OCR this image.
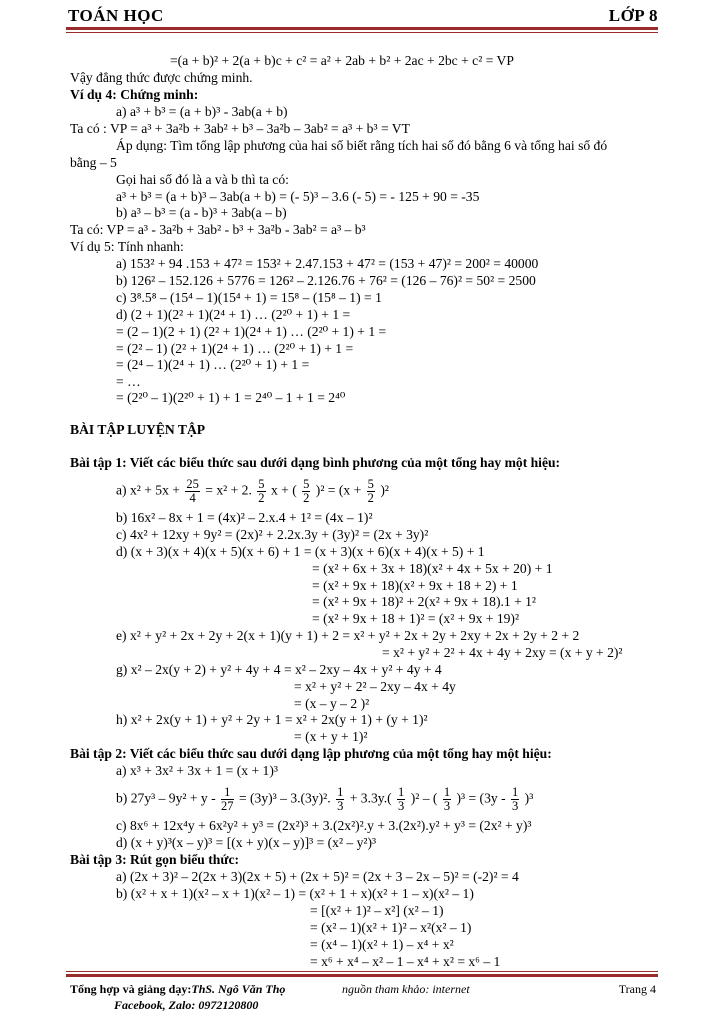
TOÁN HỌC	LỚP 8
=(a + b)² + 2(a + b)c + c² = a² + 2ab + b² + 2ac + 2bc + c² = VP
Vậy đẳng thức được chứng minh.
Ví dụ 4: Chứng minh:
a) a³ + b³ = (a + b)³ - 3ab(a + b)
Ta có : VP = a³ + 3a²b + 3ab² + b³ – 3a²b – 3ab² = a³ + b³ = VT
Áp dụng: Tìm tổng lập phương của hai số biết rằng tích hai số đó bằng 6 và tổng hai số đó
bằng – 5
Gọi hai số đó là a và b thì ta có:
a³ + b³ = (a + b)³ – 3ab(a + b) = (- 5)³ – 3.6 (- 5) = - 125 + 90 = -35
b) a³ – b³ = (a - b)³ + 3ab(a – b)
Ta có: VP = a³ - 3a²b + 3ab² - b³ + 3a²b - 3ab² = a³ – b³
Ví dụ 5: Tính nhanh:
a) 153² + 94 .153 + 47² = 153² + 2.47.153 + 47² = (153 + 47)² = 200² = 40000
b) 126² – 152.126 + 5776 = 126² – 2.126.76 + 76² = (126 – 76)² = 50² = 2500
c) 3⁸.5⁸ – (15⁴ – 1)(15⁴ + 1) = 15⁸ – (15⁸ – 1) = 1
d) (2 + 1)(2² + 1)(2⁴ + 1) … (2²⁰ + 1) + 1 =
= (2 – 1)(2 + 1) (2² + 1)(2⁴ + 1) … (2²⁰ + 1) + 1 =
= (2² – 1) (2² + 1)(2⁴ + 1) … (2²⁰ + 1) + 1 =
= (2⁴ – 1)(2⁴ + 1) … (2²⁰ + 1) + 1 =
= …
= (2²⁰ – 1)(2²⁰ + 1) + 1 = 2⁴⁰ – 1 + 1 = 2⁴⁰
BÀI TẬP LUYỆN TẬP
Bài tập 1: Viết các biểu thức sau dưới dạng bình phương của một tổng hay một hiệu:
b) 16x² – 8x + 1 = (4x)² – 2.x.4 + 1² = (4x – 1)²
c) 4x² + 12xy + 9y² = (2x)² + 2.2x.3y + (3y)² = (2x + 3y)²
d) (x + 3)(x + 4)(x + 5)(x + 6) + 1 = (x + 3)(x + 6)(x + 4)(x + 5) + 1
= (x² + 6x + 3x + 18)(x² + 4x + 5x + 20) + 1
= (x² + 9x + 18)(x² + 9x + 18 + 2) + 1
= (x² + 9x + 18)² + 2(x² + 9x + 18).1 + 1²
= (x² + 9x + 18 + 1)² = (x² + 9x + 19)²
e) x² + y² + 2x + 2y + 2(x + 1)(y + 1) + 2 = x² + y² + 2x + 2y + 2xy + 2x + 2y + 2 + 2
= x² + y² + 2² + 4x + 4y + 2xy = (x + y + 2)²
g) x² – 2x(y + 2) + y² + 4y + 4 = x² – 2xy – 4x + y² + 4y + 4
= x² + y² + 2² – 2xy – 4x + 4y
= (x – y – 2 )²
h) x² + 2x(y + 1) + y² + 2y + 1 = x² + 2x(y + 1) + (y + 1)²
= (x + y + 1)²
Bài tập 2: Viết các biểu thức sau dưới dạng lập phương của một tổng hay một hiệu:
a) x³ + 3x² + 3x + 1 = (x + 1)³
c) 8x⁶ + 12x⁴y + 6x²y² + y³ = (2x²)³ + 3.(2x²)².y + 3.(2x²).y² + y³ = (2x² + y)³
d) (x + y)³(x – y)³ = [(x + y)(x – y)]³ = (x² – y²)³
Bài tập 3: Rút gọn biểu thức:
a) (2x + 3)² – 2(2x + 3)(2x + 5) + (2x + 5)² = (2x + 3 – 2x – 5)² = (-2)² = 4
b) (x² + x + 1)(x² – x + 1)(x² – 1) = (x² + 1 + x)(x² + 1 – x)(x² – 1)
= [(x² + 1)² – x²] (x² – 1)
= (x² – 1)(x² + 1)² – x²(x² – 1)
= (x⁴ – 1)(x² + 1) – x⁴ + x²
= x⁶ + x⁴ – x² – 1 – x⁴ + x² = x⁶ – 1
a) $x^2 + 5x + \frac{25}{4} = x^2 + 2$. $\frac{5}{2}$ x + ( $\frac{5}{2} )^2 = (x + \frac{5}{2} )^2$
b) $27y^3 - 9y^2 + y - \frac{1}{27} = (3y)^3 - 3.(3y)^2$. $\frac{1}{3} + 3.3y.( \frac{1}{3} )^2$ – ( $\frac{1}{3} )^3 = (3y - \frac{1}{3} )^3$
Tổng hợp và giảng dạy:ThS. Ngô Văn Thọ
Facebook, Zalo: 0972120800
nguồn tham khảo: internet	Trang 4
